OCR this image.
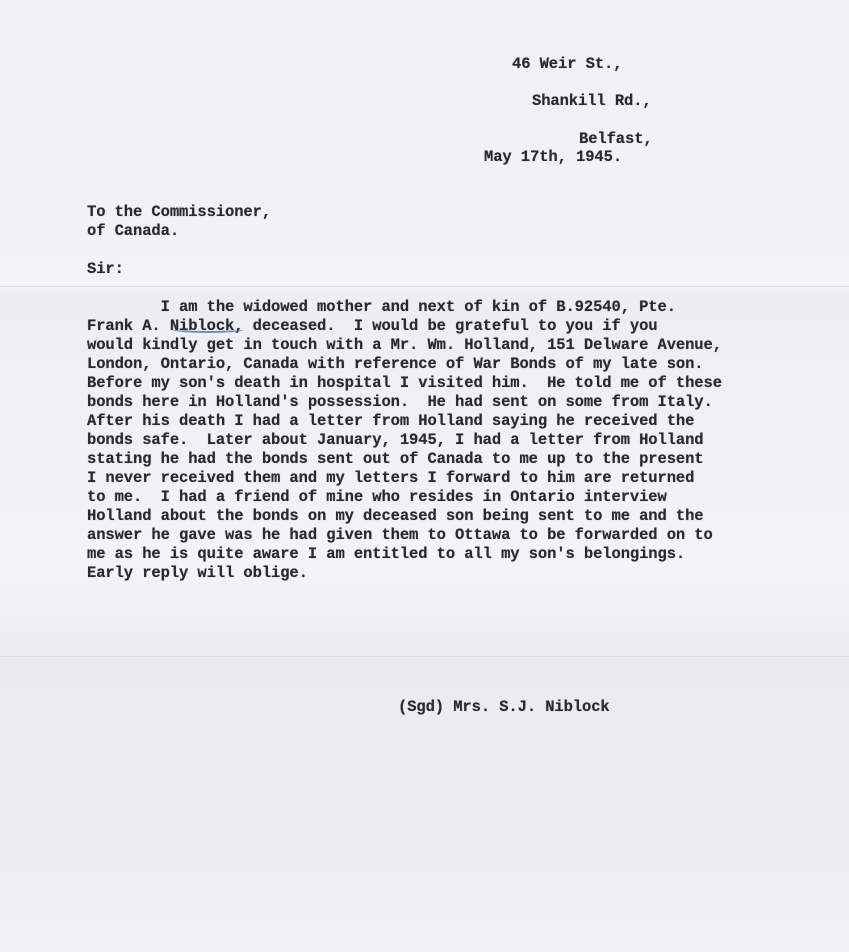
46 Weir St.,
Shankill Rd.,
Belfast,
May 17th, 1945.
To the Commissioner,
of Canada.
Sir:
I am the widowed mother and next of kin of B.92540, Pte.
Frank A. Niblock, deceased.  I would be grateful to you if you
would kindly get in touch with a Mr. Wm. Holland, 151 Delware Avenue,
London, Ontario, Canada with reference of War Bonds of my late son.
Before my son's death in hospital I visited him.  He told me of these
bonds here in Holland's possession.  He had sent on some from Italy.
After his death I had a letter from Holland saying he received the
bonds safe.  Later about January, 1945, I had a letter from Holland
stating he had the bonds sent out of Canada to me up to the present
I never received them and my letters I forward to him are returned
to me.  I had a friend of mine who resides in Ontario interview
Holland about the bonds on my deceased son being sent to me and the
answer he gave was he had given them to Ottawa to be forwarded on to
me as he is quite aware I am entitled to all my son's belongings.
Early reply will oblige.
(Sgd) Mrs. S.J. Niblock
